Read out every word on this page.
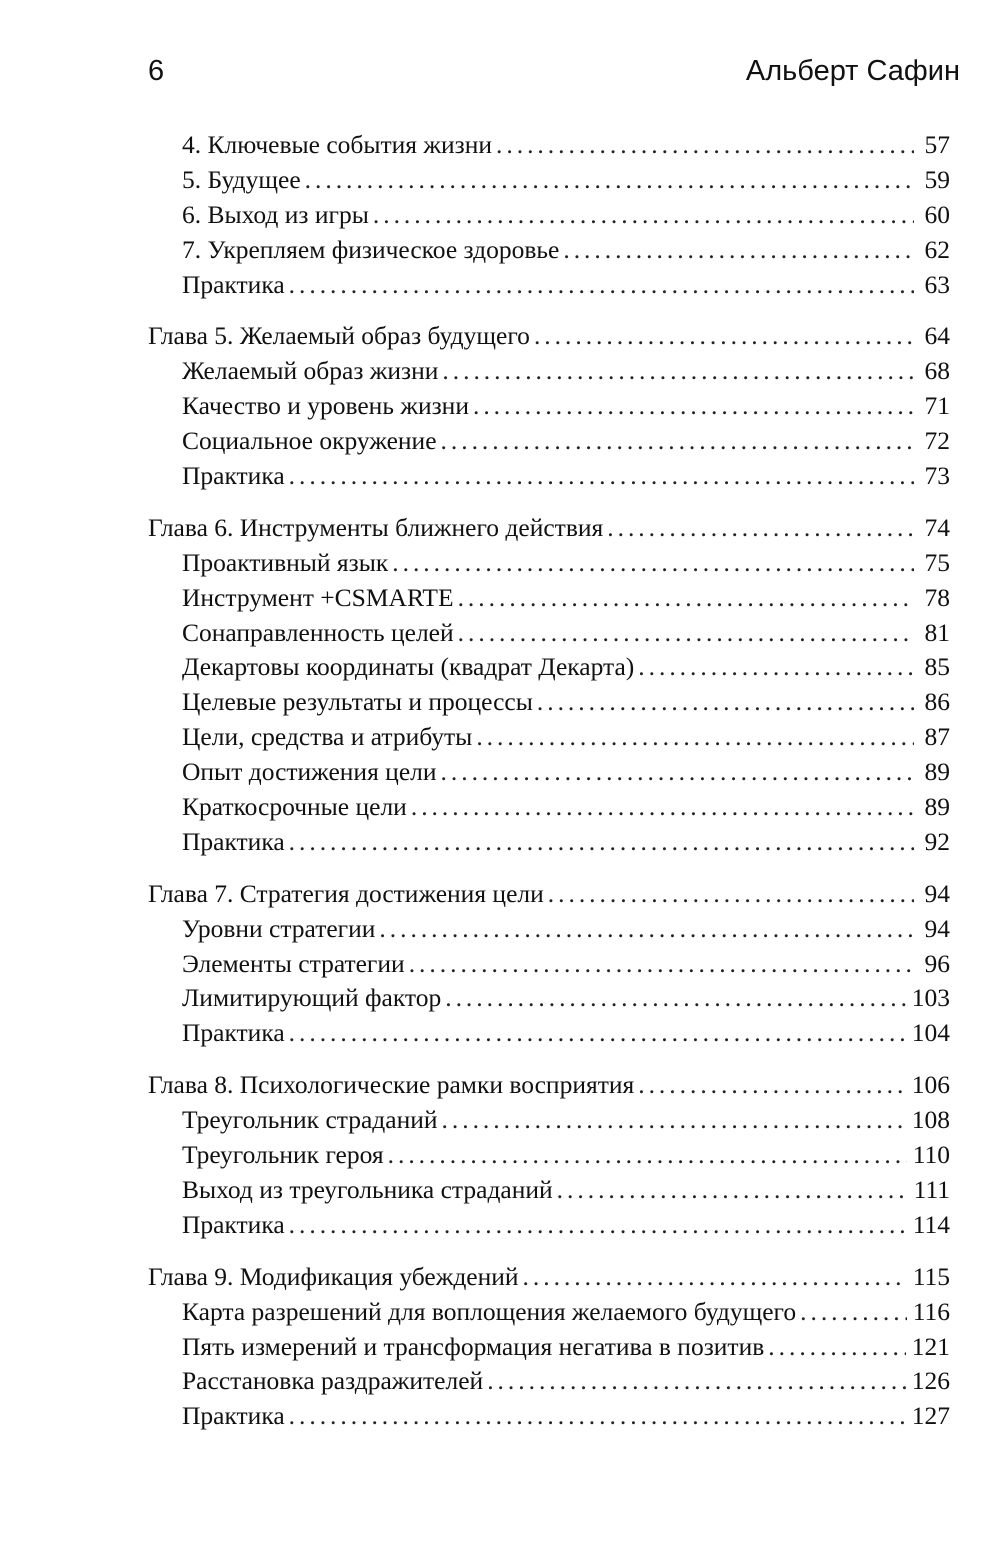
6	Альберт Сафин
4. Ключевые события жизни . . .	57
5. Будущее . . .	59
6. Выход из игры . . .	60
7. Укрепляем физическое здоровье . . .	62
Практика . . .	63
Глава 5. Желаемый образ будущего . . .	64
Желаемый образ жизни . . .	68
Качество и уровень жизни . . .	71
Социальное окружение . . .	72
Практика . . .	73
Глава 6. Инструменты ближнего действия . . .	74
Проактивный язык . . .	75
Инструмент +CSMARTE . . .	78
Сонаправленность целей . . .	81
Декартовы координаты (квадрат Декарта) . . .	85
Целевые результаты и процессы . . .	86
Цели, средства и атрибуты . . .	87
Опыт достижения цели . . .	89
Краткосрочные цели . . .	89
Практика . . .	92
Глава 7. Стратегия достижения цели . . .	94
Уровни стратегии . . .	94
Элементы стратегии . . .	96
Лимитирующий фактор . . .	103
Практика . . .	104
Глава 8. Психологические рамки восприятия . . .	106
Треугольник страданий . . .	108
Треугольник героя . . .	110
Выход из треугольника страданий . . .	111
Практика . . .	114
Глава 9. Модификация убеждений . . .	115
Карта разрешений для воплощения желаемого будущего . . .	116
Пять измерений и трансформация негатива в позитив . . .	121
Расстановка раздражителей . . .	126
Практика . . .	127
